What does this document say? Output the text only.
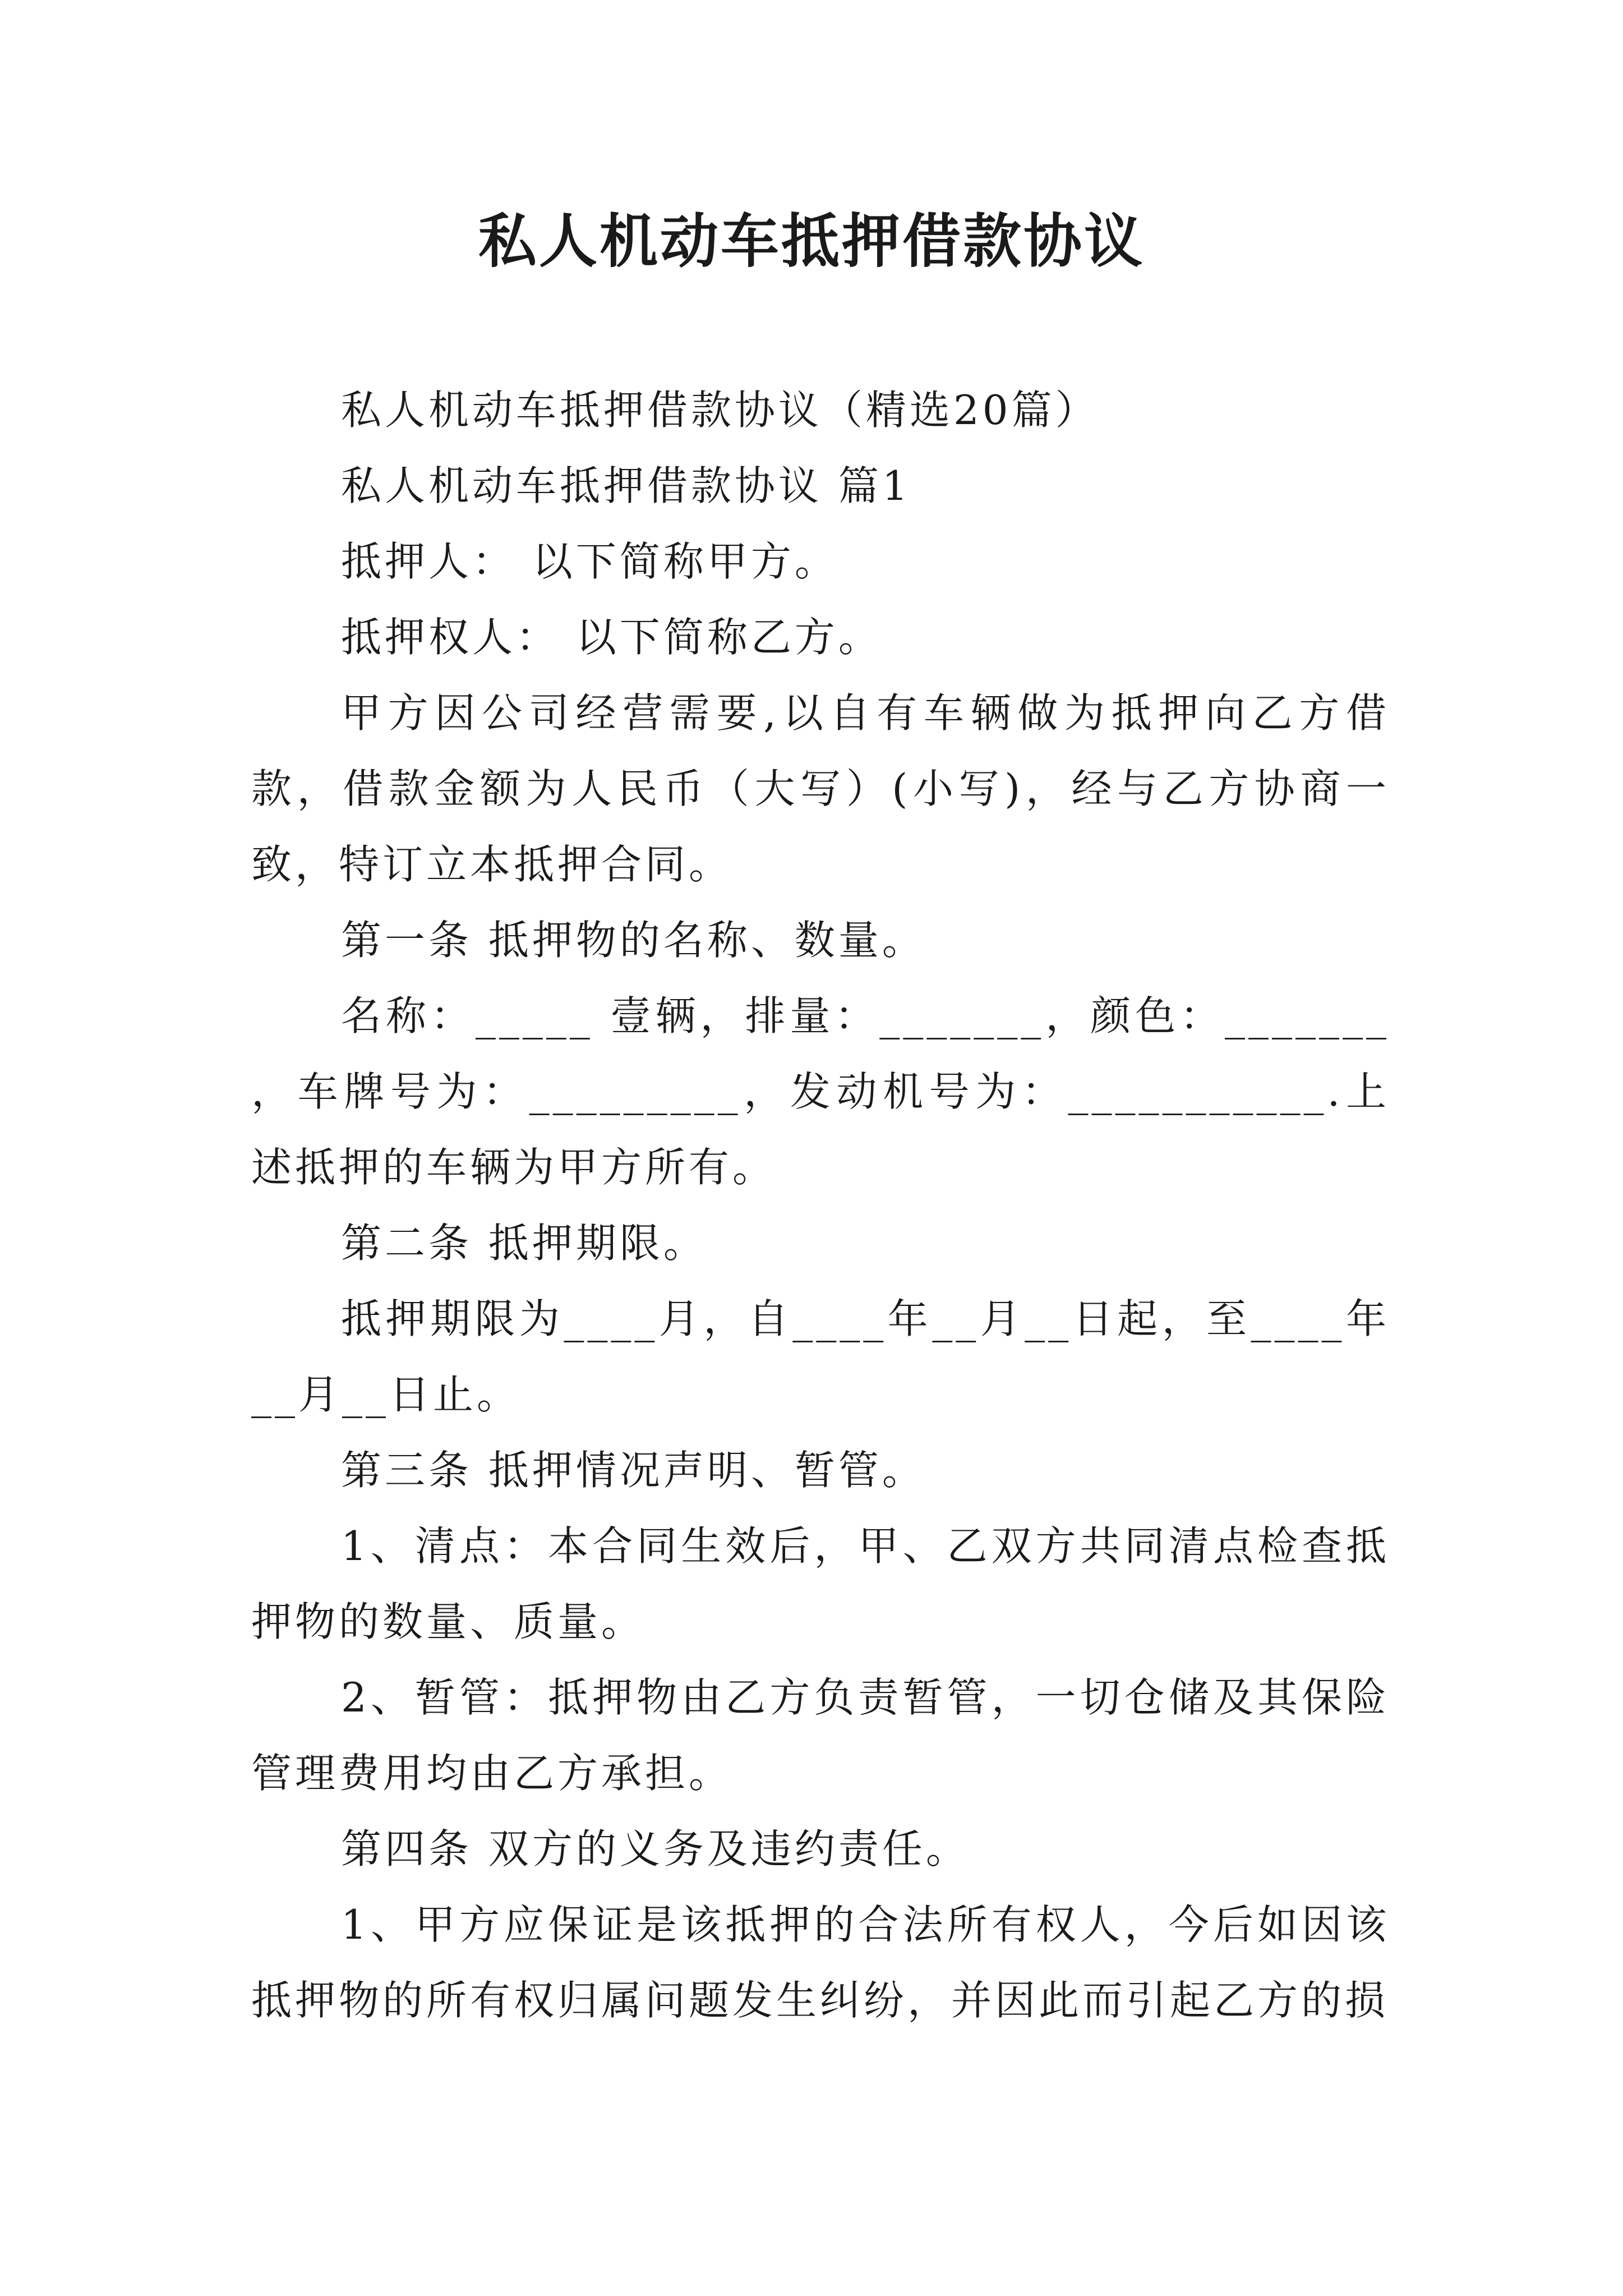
私人机动车抵押借款协议

私人机动车抵押借款协议（精选20篇）

私人机动车抵押借款协议 篇1

抵押人： 以下简称甲方。

抵押权人： 以下简称乙方。

甲方因公司经营需要,以自有车辆做为抵押向乙方借款，借款金额为人民币（大写）(小写)，经与乙方协商一致，特订立本抵押合同。

第一条 抵押物的名称、数量。

名称：_____ 壹辆，排量：_______，颜色：_______ ，车牌号为：_________，发动机号为：___________.上述抵押的车辆为甲方所有。

第二条 抵押期限。

抵押期限为____月，自____年__月__日起，至____年__月__日止。

第三条 抵押情况声明、暂管。

1、清点：本合同生效后，甲、乙双方共同清点检查抵押物的数量、质量。

2、暂管：抵押物由乙方负责暂管，一切仓储及其保险管理费用均由乙方承担。

第四条 双方的义务及违约责任。

1、甲方应保证是该抵押的合法所有权人，今后如因该抵押物的所有权归属问题发生纠纷，并因此而引起乙方的损
